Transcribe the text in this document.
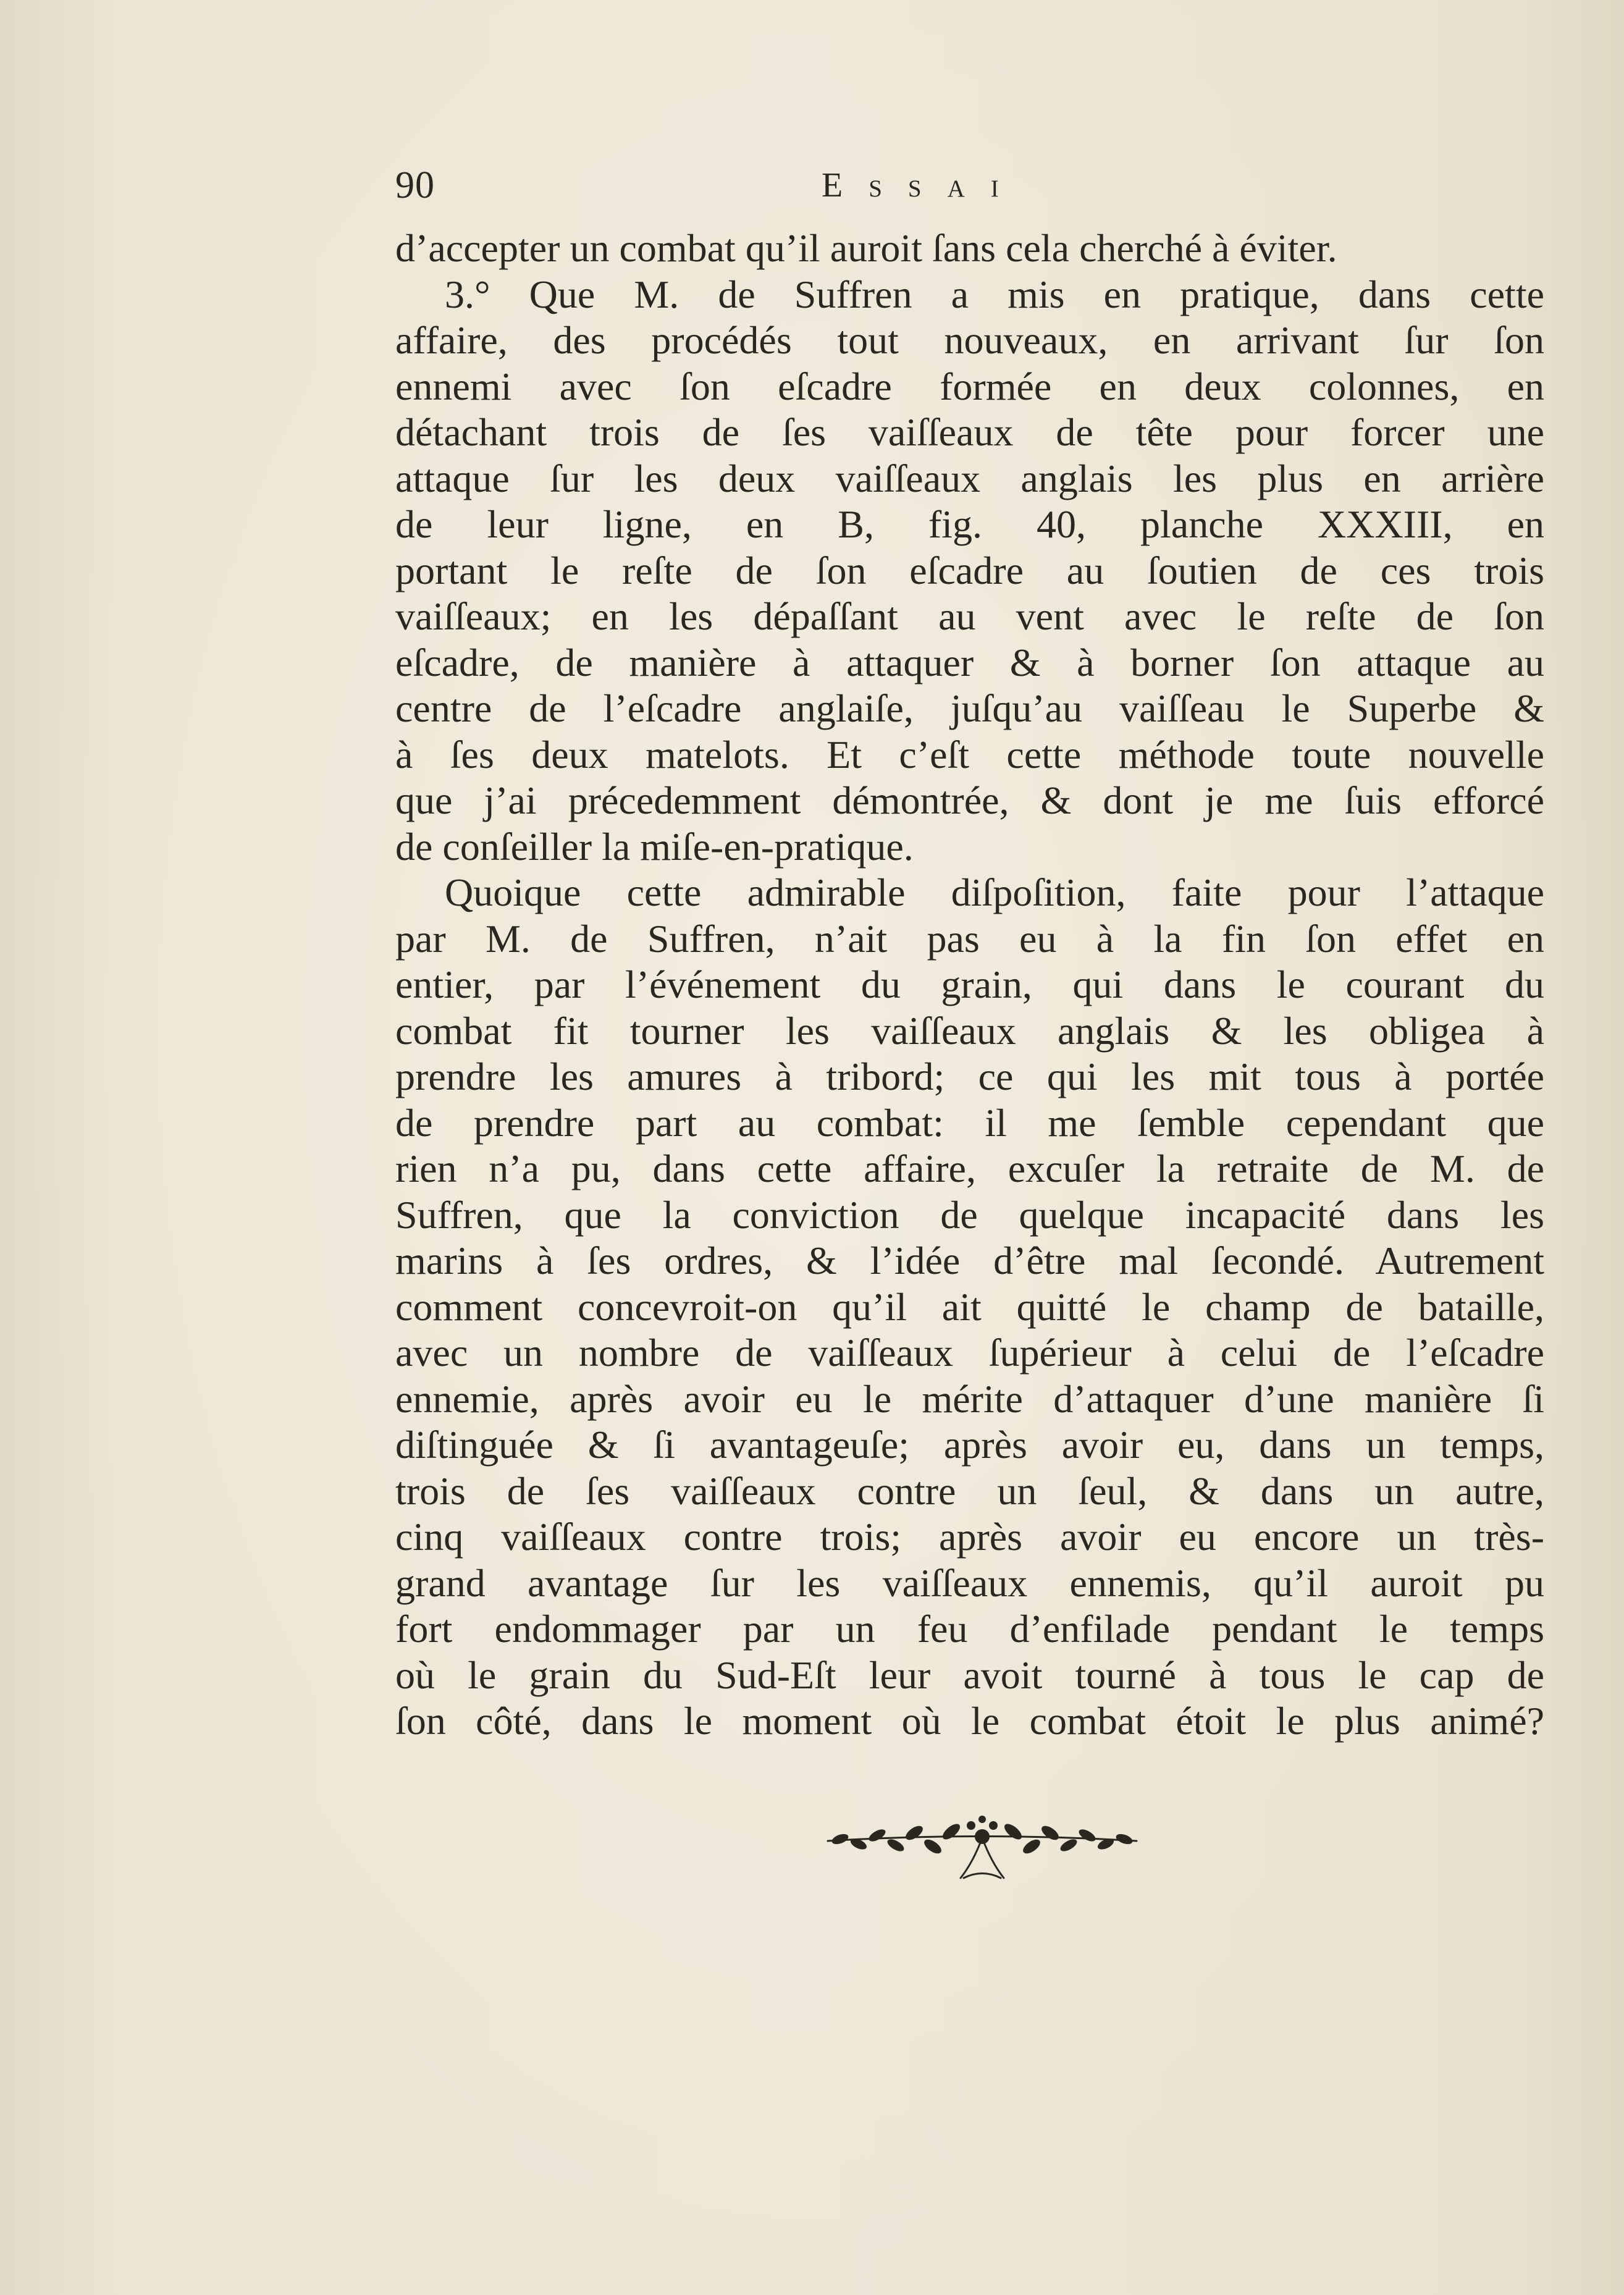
90	Essai
d’accepter un combat qu’il auroit ſans cela cherché à éviter.
3.° Que M. de Suffren a mis en pratique, dans cette
affaire, des procédés tout nouveaux, en arrivant ſur ſon
ennemi avec ſon eſcadre formée en deux colonnes, en
détachant trois de ſes vaiſſeaux de tête pour forcer une
attaque ſur les deux vaiſſeaux anglais les plus en arrière
de leur ligne, en B, fig. 40, planche XXXIII, en
portant le reſte de ſon eſcadre au ſoutien de ces trois
vaiſſeaux; en les dépaſſant au vent avec le reſte de ſon
eſcadre, de manière à attaquer & à borner ſon attaque au
centre de l’eſcadre anglaiſe, juſqu’au vaiſſeau le Superbe &
à ſes deux matelots. Et c’eſt cette méthode toute nouvelle
que j’ai précedemment démontrée, & dont je me ſuis efforcé
de conſeiller la miſe-en-pratique.
Quoique cette admirable diſpoſition, faite pour l’attaque
par M. de Suffren, n’ait pas eu à la fin ſon effet en
entier, par l’événement du grain, qui dans le courant du
combat fit tourner les vaiſſeaux anglais & les obligea à
prendre les amures à tribord; ce qui les mit tous à portée
de prendre part au combat: il me ſemble cependant que
rien n’a pu, dans cette affaire, excuſer la retraite de M. de
Suffren, que la conviction de quelque incapacité dans les
marins à ſes ordres, & l’idée d’être mal ſecondé. Autrement
comment concevroit-on qu’il ait quitté le champ de bataille,
avec un nombre de vaiſſeaux ſupérieur à celui de l’eſcadre
ennemie, après avoir eu le mérite d’attaquer d’une manière ſi
diſtinguée & ſi avantageuſe; après avoir eu, dans un temps,
trois de ſes vaiſſeaux contre un ſeul, & dans un autre,
cinq vaiſſeaux contre trois; après avoir eu encore un très-
grand avantage ſur les vaiſſeaux ennemis, qu’il auroit pu
fort endommager par un feu d’enfilade pendant le temps
où le grain du Sud-Eſt leur avoit tourné à tous le cap de
ſon côté, dans le moment où le combat étoit le plus animé?
